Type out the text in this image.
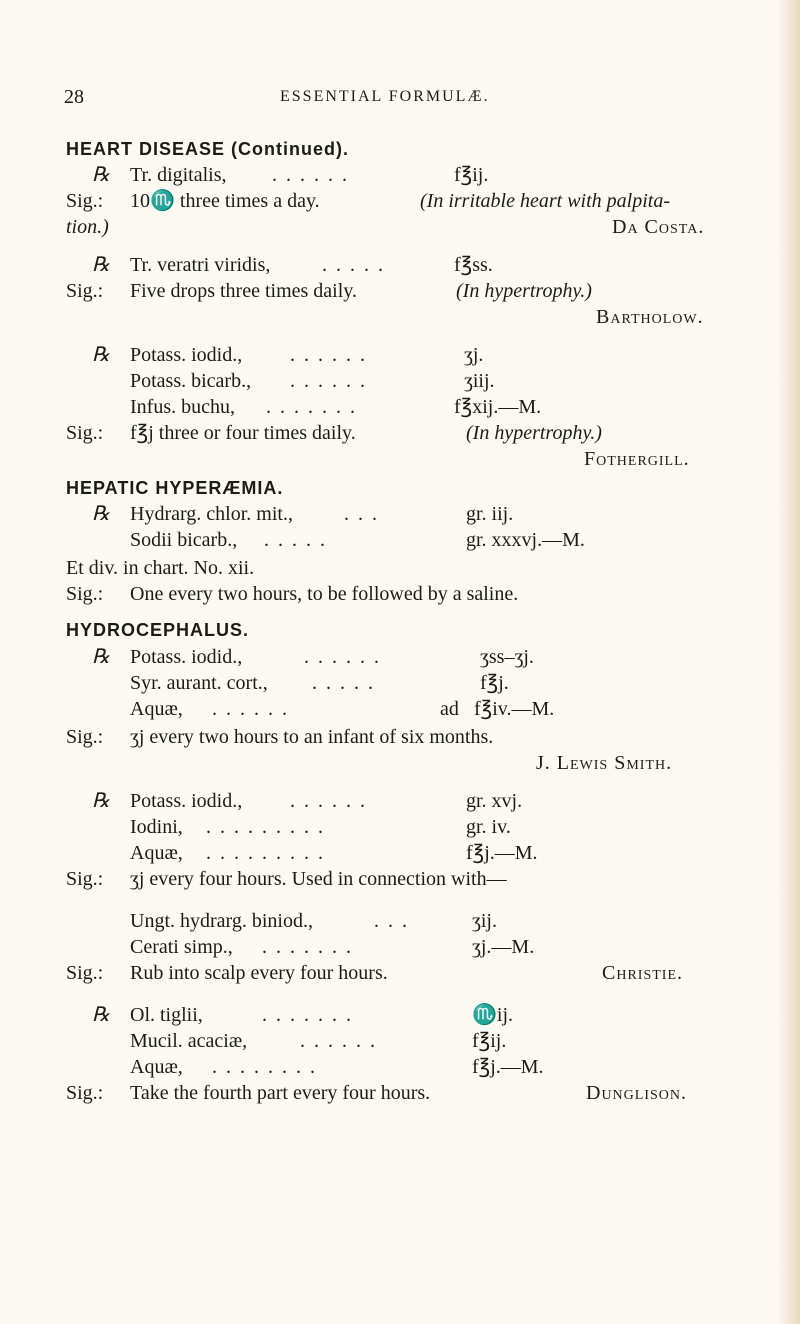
28	ESSENTIAL FORMULÆ.
HEART DISEASE (Continued).
℞ Tr. digitalis, ......	f℥ij.
Sig.: 10♏ three times a day.	(In irritable heart with palpita-
tion.)	Da Costa.
℞ Tr. veratri viridis,	.....	f℥ss.
Sig.: Five drops three times daily.	(In hypertrophy.)
Bartholow.
℞ Potass. iodid., ......	ʒj.
Potass. bicarb., ......	ʒiij.
Infus. buchu, .......	f℥xij.—M.
Sig.: f℥j three or four times daily.	(In hypertrophy.)
Fothergill.
HEPATIC HYPERÆMIA.
℞ Hydrarg. chlor. mit.,	...	gr. iij.
Sodii bicarb., .....	gr. xxxvj.—M.
Et div. in chart. No. xii.
Sig.: One every two hours, to be followed by a saline.
HYDROCEPHALUS.
℞ Potass. iodid.,	......	ʒss–ʒj.
Syr. aurant. cort., .....	f℥j.
Aquæ, ......	ad f℥iv.—M.
Sig.: ʒj every two hours to an infant of six months.
J. Lewis Smith.
℞ Potass. iodid., ......	gr. xvj.
Iodini, .........	gr. iv.
Aquæ, .........	f℥j.—M.
Sig.: ʒj every four hours. Used in connection with—
Ungt. hydrarg. biniod.,	...	ʒij.
Cerati simp., .......	ʒj.—M.
Sig.: Rub into scalp every four hours.	Christie.
℞ Ol. tiglii,	.......	♏ij.
Mucil. acaciæ,	......	f℥ij.
Aquæ, ........	f℥j.—M.
Sig.: Take the fourth part every four hours.	Dunglison.
